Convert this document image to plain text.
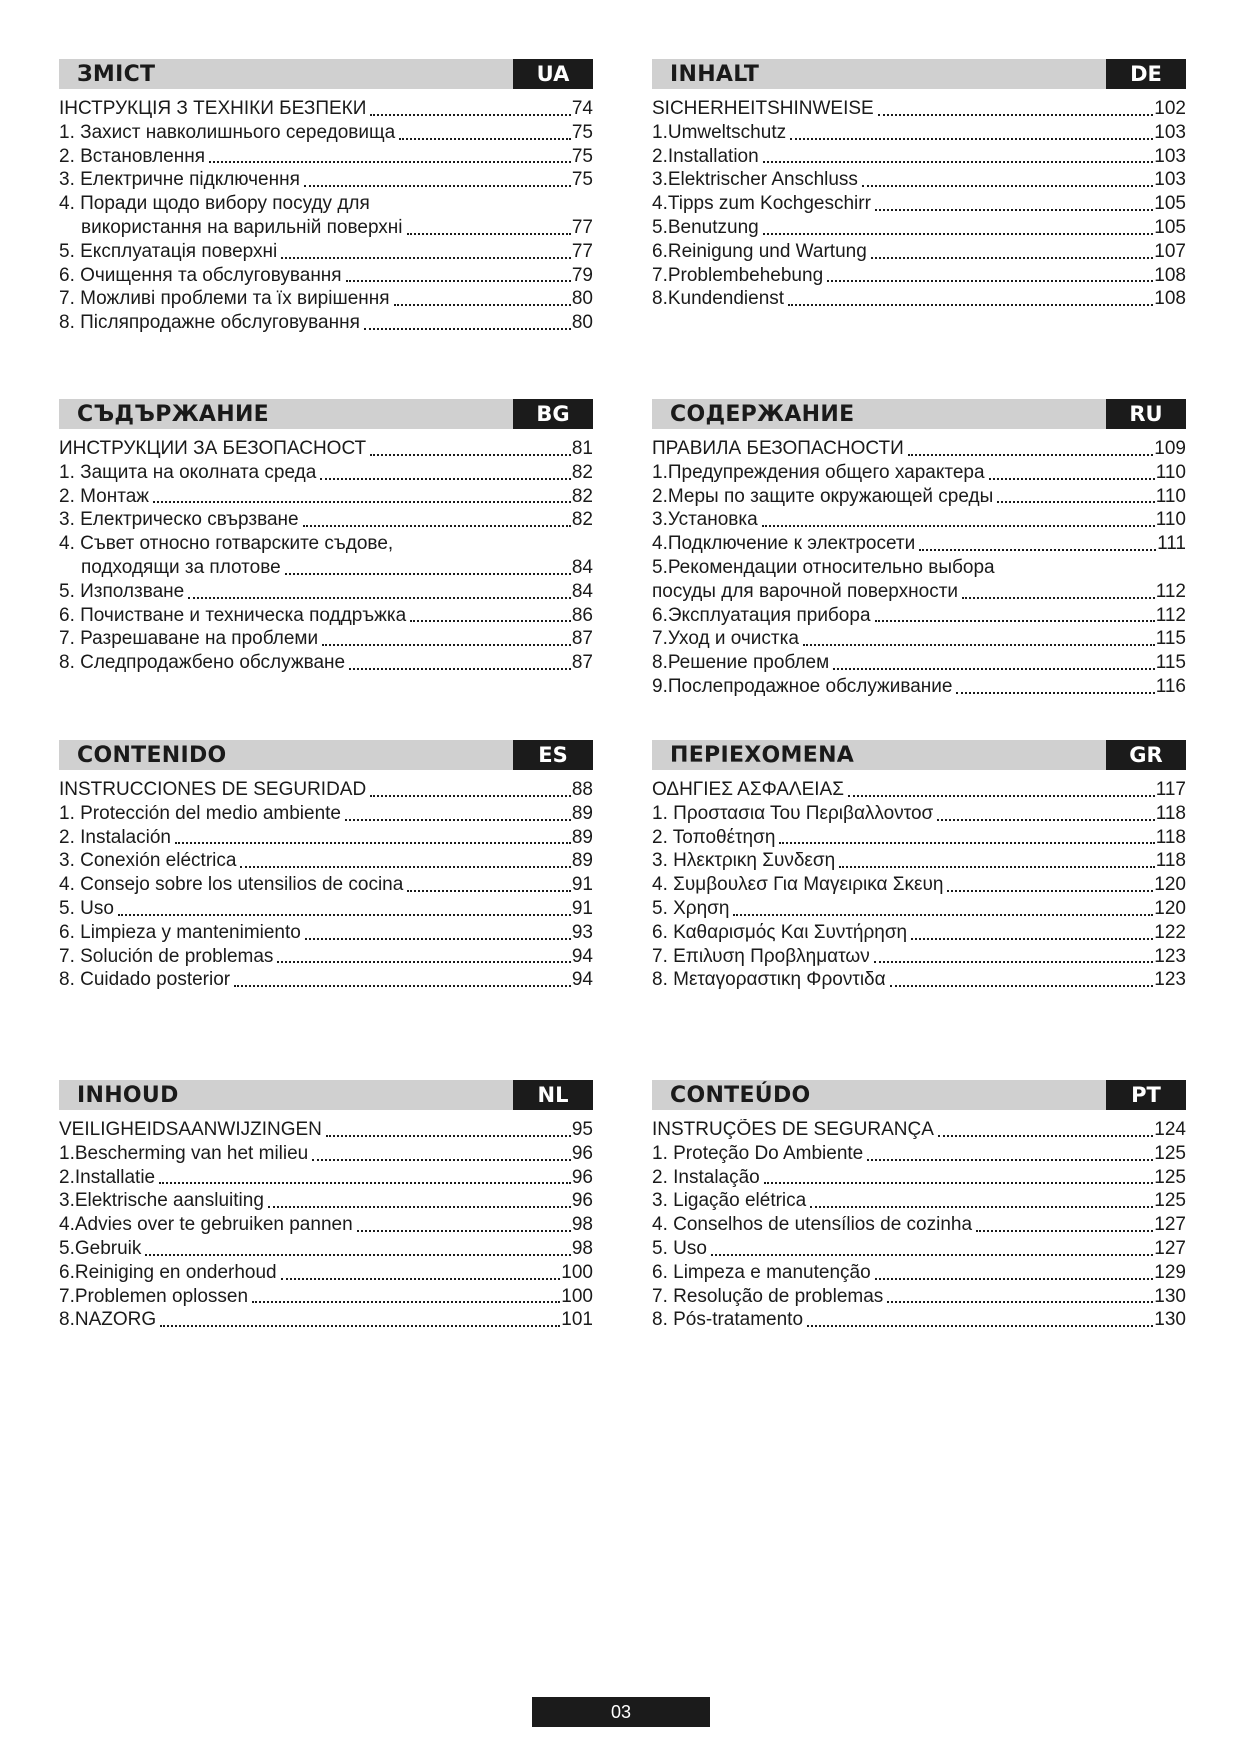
ЗМІСТ	UA
ІНСТРУКЦІЯ З ТЕХНІКИ БЕЗПЕКИ	74
1. Захист навколишнього середовища	75
2. Встановлення	75
3. Електричне підключення	75
4. Поради щодо вибору посуду для
використання на варильній поверхні	77
5. Експлуатація поверхні	77
6. Очищення та обслуговування	79
7. Можливі проблеми та їх вирішення	80
8. Післяпродажне обслуговування	80
INHALT	DE
SICHERHEITSHINWEISE	102
1.Umweltschutz	103
2.Installation	103
3.Elektrischer Anschluss	103
4.Tipps zum Kochgeschirr	105
5.Benutzung	105
6.Reinigung und Wartung	107
7.Problembehebung	108
8.Kundendienst	108
СЪДЪРЖАНИЕ	BG
ИНСТРУКЦИИ ЗА БЕЗОПАСНОСТ	81
1. Защита на околната среда	82
2. Монтаж	82
3. Електрическо свързване	82
4. Съвет относно готварските съдове,
подходящи за плотове	84
5. Използване	84
6. Почистване и техническа поддръжка	86
7. Разрешаване на проблеми	87
8. Следпродажбено обслужване	87
СОДЕРЖАНИЕ	RU
ПРАВИЛА БЕЗОПАСНОСТИ	109
1.Предупреждения общего характера	110
2.Меры по защите окружающей среды	110
3.Установка	110
4.Подключение к электросети	111
5.Рекомендации относительно выбора
посуды для варочной поверхности	112
6.Эксплуатация прибора	112
7.Уход и очистка	115
8.Решение проблем	115
9.Послепродажное обслуживание	116
CONTENIDO	ES
INSTRUCCIONES DE SEGURIDAD	88
1. Protección del medio ambiente	89
2. Instalación	89
3. Conexión eléctrica	89
4. Consejo sobre los utensilios de cocina	91
5. Uso	91
6. Limpieza y mantenimiento	93
7. Solución de problemas	94
8. Cuidado posterior	94
ΠΕΡΙΕΧΟΜΕΝΑ	GR
ΟΔΗΓΙΕΣ ΑΣΦΑΛΕΙΑΣ	117
1. Προστασια Του Περιβαλλοντοσ	118
2. Τοποθέτηση	118
3. Ηλεκτρικη Συνδεση	118
4. Συμβουλεσ Για Μαγειρικα Σκευη	120
5. Χρηση	120
6. Καθαρισμός Και Συντήρηση	122
7. Επιλυση Προβληματων	123
8. Μεταγοραστικη Φροντιδα	123
INHOUD	NL
VEILIGHEIDSAANWIJZINGEN	95
1.Bescherming van het milieu	96
2.Installatie	96
3.Elektrische aansluiting	96
4.Advies over te gebruiken pannen	98
5.Gebruik	98
6.Reiniging en onderhoud	100
7.Problemen oplossen	100
8.NAZORG	101
CONTEÚDO	PT
INSTRUÇÕES DE SEGURANÇA	124
1. Proteção Do Ambiente	125
2. Instalação	125
3. Ligação elétrica	125
4. Conselhos de utensílios de cozinha	127
5. Uso	127
6. Limpeza e manutenção	129
7. Resolução de problemas	130
8. Pós-tratamento	130
03
